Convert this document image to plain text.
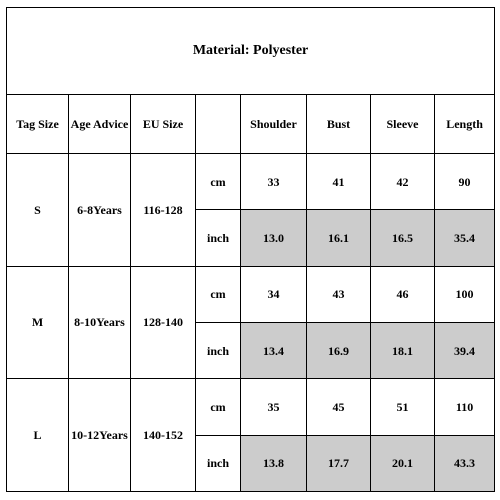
Material: Polyester							
Tag Size	Age Advice	EU Size		Shoulder	Bust	Sleeve	Length
S	6-8Years	116-128	cm	33	41	42	90
			inch	13.0	16.1	16.5	35.4
M	8-10Years	128-140	cm	34	43	46	100
			inch	13.4	16.9	18.1	39.4
L	10-12Years	140-152	cm	35	45	51	110
			inch	13.8	17.7	20.1	43.3
